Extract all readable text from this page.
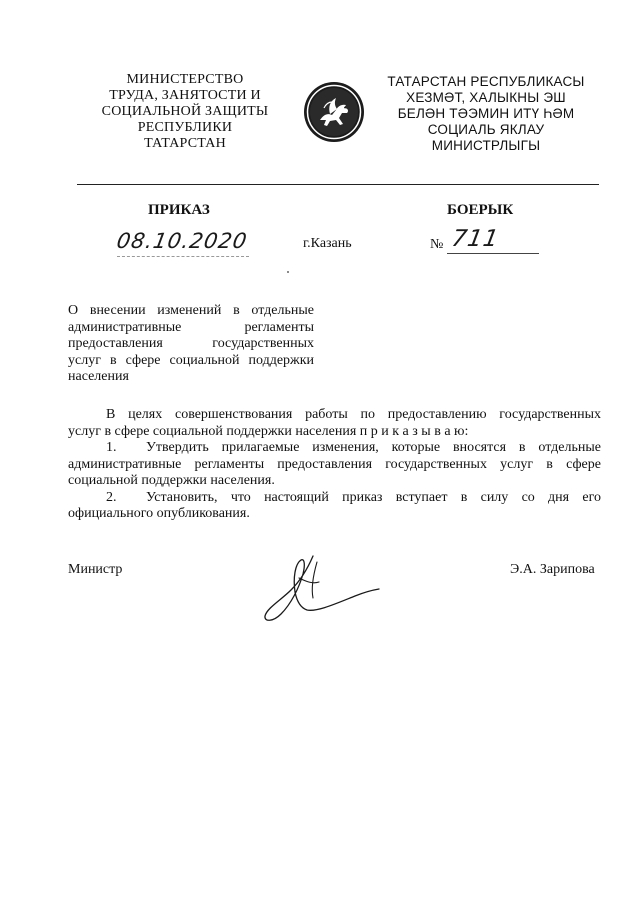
МИНИСТЕРСТВО
ТРУДА, ЗАНЯТОСТИ И
СОЦИАЛЬНОЙ ЗАЩИТЫ
РЕСПУБЛИКИ
ТАТАРСТАН
ТАТАРСТАН РЕСПУБЛИКАСЫ
ХЕЗМӘТ, ХАЛЫКНЫ ЭШ
БЕЛӘН ТӘЭМИН ИТҮ ҺӘМ
СОЦИАЛЬ ЯКЛАУ
МИНИСТРЛЫГЫ
ПРИКАЗ	БОЕРЫК
08.10.2020	г.Казань	№ 711
О внесении изменений в отдельные
административные регламенты
предоставления государственных
услуг в сфере социальной поддержки
населения
В целях совершенствования работы по предоставлению государственных
услуг в сфере социальной поддержки населения п р и к а з ы в а ю:
1.	Утвердить прилагаемые изменения, которые вносятся в отдельные
административные регламенты предоставления государственных услуг в сфере
социальной поддержки населения.
2.	Установить, что настоящий приказ вступает в силу со дня его
официального опубликования.
Министр	Э.А. Зарипова
